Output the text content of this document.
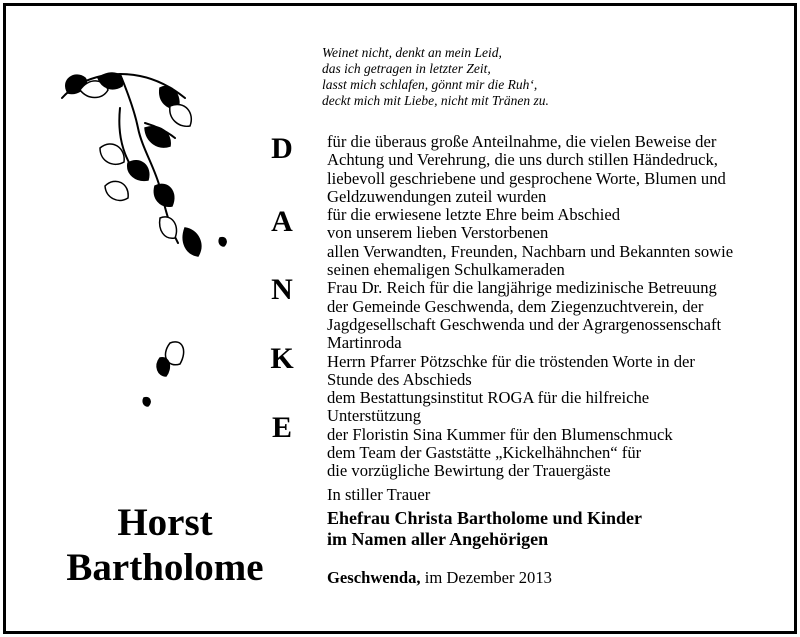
Weinet nicht, denkt an mein Leid,
das ich getragen in letzter Zeit,
lasst mich schlafen, gönnt mir die Ruh‘,
deckt mich mit Liebe, nicht mit Tränen zu.
D
A
N
K
E
für die überaus große Anteilnahme, die vielen Beweise der
Achtung und Verehrung, die uns durch stillen Händedruck,
liebevoll geschriebene und gesprochene Worte, Blumen und
Geldzuwendungen zuteil wurden
für die erwiesene letzte Ehre beim Abschied
von unserem lieben Verstorbenen
allen Verwandten, Freunden, Nachbarn und Bekannten sowie
seinen ehemaligen Schulkameraden
Frau Dr. Reich für die langjährige medizinische Betreuung
der Gemeinde Geschwenda, dem Ziegenzuchtverein, der
Jagdgesellschaft Geschwenda und der Agrargenossenschaft
Martinroda
Herrn Pfarrer Pötzschke für die tröstenden Worte in der
Stunde des Abschieds
dem Bestattungsinstitut ROGA für die hilfreiche
Unterstützung
der Floristin Sina Kummer für den Blumenschmuck
dem Team der Gaststätte „Kickelhähnchen“ für
die vorzügliche Bewirtung der Trauergäste
In stiller Trauer
Ehefrau Christa Bartholome und Kinder
im Namen aller Angehörigen
Geschwenda, im Dezember 2013
Horst
Bartholome
